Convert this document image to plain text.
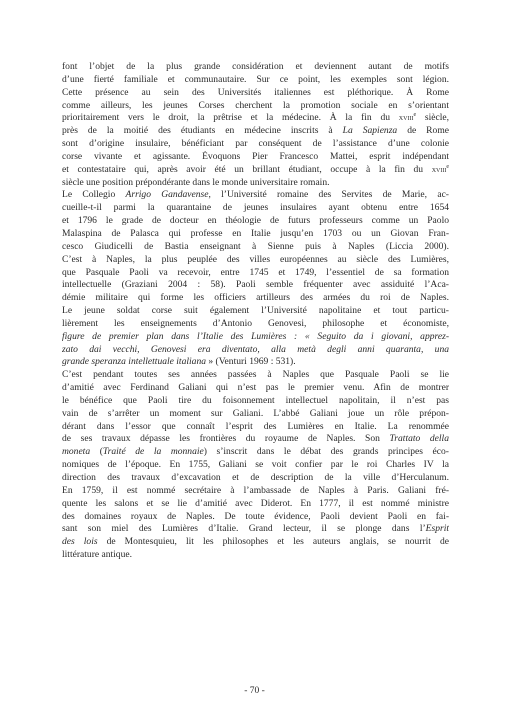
font l’objet de la plus grande considération et deviennent autant de motifs
d’une fierté familiale et communautaire. Sur ce point, les exemples sont légion.
Cette présence au sein des Universités italiennes est pléthorique. À Rome
comme ailleurs, les jeunes Corses cherchent la promotion sociale en s’orientant
prioritairement vers le droit, la prêtrise et la médecine. À la fin du xviii$^e$ siècle,
près de la moitié des étudiants en médecine inscrits à La Sapienza de Rome
sont d’origine insulaire, bénéficiant par conséquent de l’assistance d’une colonie
corse vivante et agissante. Évoquons Pier Francesco Mattei, esprit indépendant
et contestataire qui, après avoir été un brillant étudiant, occupe à la fin du xviii$^e$
siècle une position prépondérante dans le monde universitaire romain.
Le Collegio Arrigo Gandavense, l’Université romaine des Servites de Marie, ac-
cueille-t-il parmi la quarantaine de jeunes insulaires ayant obtenu entre 1654
et 1796 le grade de docteur en théologie de futurs professeurs comme un Paolo
Malaspina de Palasca qui professe en Italie jusqu’en 1703 ou un Giovan Fran-
cesco Giudicelli de Bastia enseignant à Sienne puis à Naples (Liccia 2000).
C’est à Naples, la plus peuplée des villes européennes au siècle des Lumières,
que Pasquale Paoli va recevoir, entre 1745 et 1749, l’essentiel de sa formation
intellectuelle (Graziani 2004 : 58). Paoli semble fréquenter avec assiduité l’Aca-
démie militaire qui forme les officiers artilleurs des armées du roi de Naples.
Le jeune soldat corse suit également l’Université napolitaine et tout particu-
lièrement les enseignements d’Antonio Genovesi, philosophe et économiste,
figure de premier plan dans l’Italie des Lumières : « Seguito da i giovani, apprez-
zato dai vecchi, Genovesi era diventato, alla metà degli anni quaranta, una
grande speranza intellettuale italiana » (Venturi 1969 : 531).
C’est pendant toutes ses années passées à Naples que Pasquale Paoli se lie
d’amitié avec Ferdinand Galiani qui n’est pas le premier venu. Afin de montrer
le bénéfice que Paoli tire du foisonnement intellectuel napolitain, il n’est pas
vain de s’arrêter un moment sur Galiani. L’abbé Galiani joue un rôle prépon-
dérant dans l’essor que connaît l’esprit des Lumières en Italie. La renommée
de ses travaux dépasse les frontières du royaume de Naples. Son Trattato della
moneta (Traité de la monnaie) s’inscrit dans le débat des grands principes éco-
nomiques de l’époque. En 1755, Galiani se voit confier par le roi Charles IV la
direction des travaux d’excavation et de description de la ville d’Herculanum.
En 1759, il est nommé secrétaire à l’ambassade de Naples à Paris. Galiani fré-
quente les salons et se lie d’amitié avec Diderot. En 1777, il est nommé ministre
des domaines royaux de Naples. De toute évidence, Paoli devient Paoli en fai-
sant son miel des Lumières d’Italie. Grand lecteur, il se plonge dans l’Esprit
des lois de Montesquieu, lit les philosophes et les auteurs anglais, se nourrit de
littérature antique.
- 70 -
